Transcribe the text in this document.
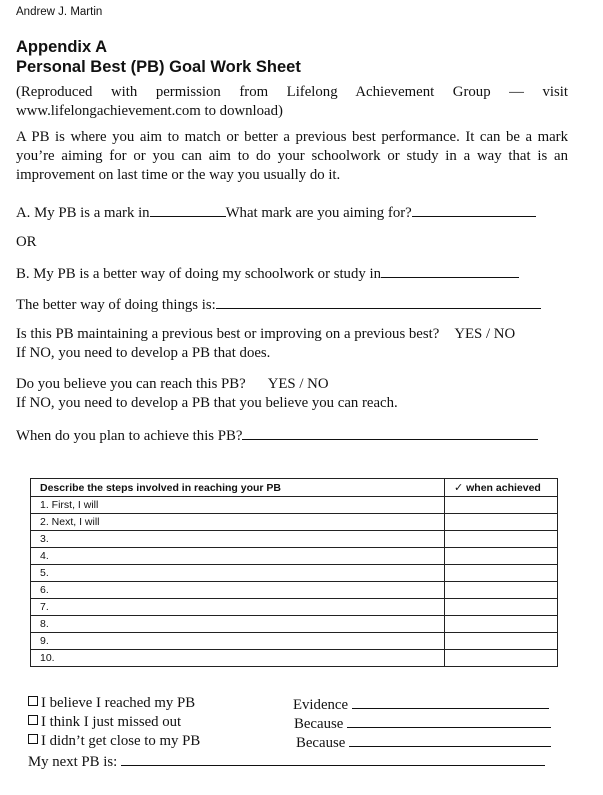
Andrew J. Martin
Appendix A
Personal Best (PB) Goal Work Sheet
(Reproduced with permission from Lifelong Achievement Group — visit www.lifelongachievement.com to download)
A PB is where you aim to match or better a previous best performance. It can be a mark you’re aiming for or you can aim to do your schoolwork or study in a way that is an improvement on last time or the way you usually do it.
A. My PB is a mark in	What mark are you aiming for?
OR
B. My PB is a better way of doing my schoolwork or study in
The better way of doing things is:
Is this PB maintaining a previous best or improving on a previous best? YES / NO
If NO, you need to develop a PB that does.
Do you believe you can reach this PB? YES / NO
If NO, you need to develop a PB that you believe you can reach.
When do you plan to achieve this PB?
Describe the steps involved in reaching your PB	✓ when achieved
1. First, I will	
2. Next, I will	
3.	
4.	
5.	
6.	
7.	
8.	
9.	
10.	
I believe I reached my PB	Evidence
I think I just missed out	Because
I didn’t get close to my PB	Because
My next PB is:
